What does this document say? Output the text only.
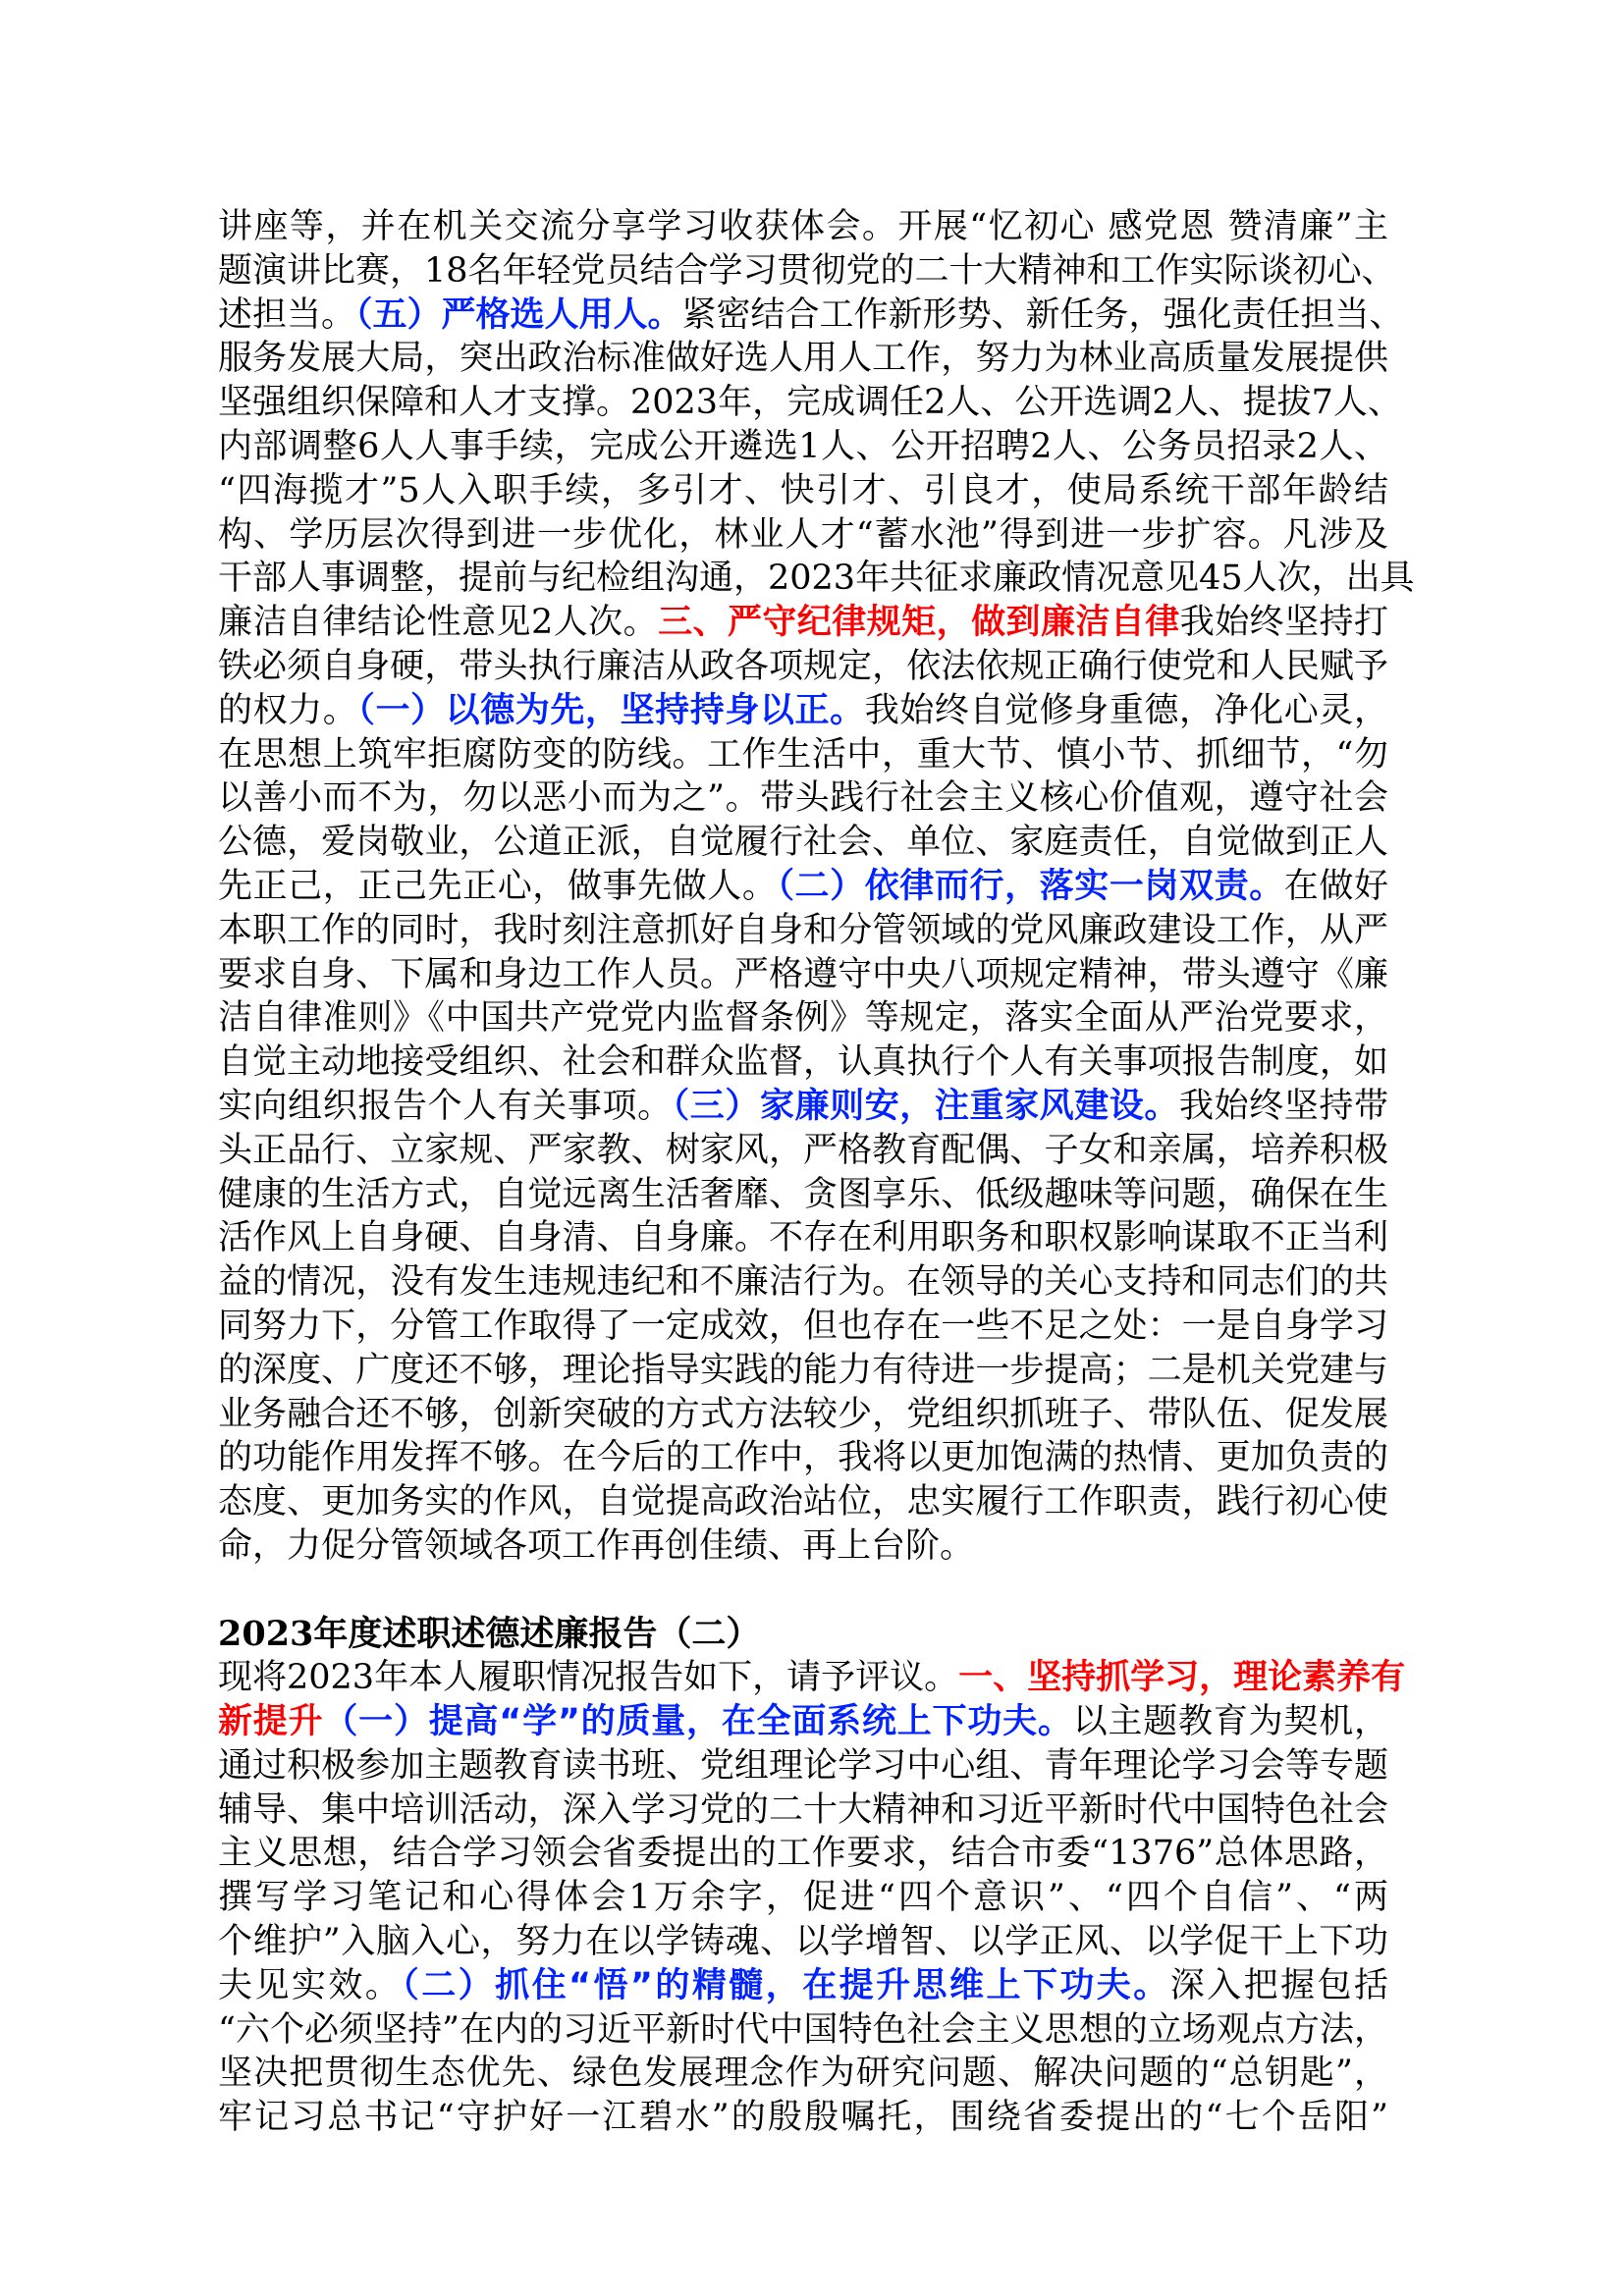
讲座等，并在机关交流分享学习收获体会。开展“忆初心 感党恩 赞清廉”主
题演讲比赛，18名年轻党员结合学习贯彻党的二十大精神和工作实际谈初心、
述担当。（五）严格选人用人。紧密结合工作新形势、新任务，强化责任担当、
服务发展大局，突出政治标准做好选人用人工作，努力为林业高质量发展提供
坚强组织保障和人才支撑。2023年，完成调任2人、公开选调2人、提拔7人、
内部调整6人人事手续，完成公开遴选1人、公开招聘2人、公务员招录2人、
“四海揽才”5人入职手续，多引才、快引才、引良才，使局系统干部年龄结
构、学历层次得到进一步优化，林业人才“蓄水池”得到进一步扩容。凡涉及
干部人事调整，提前与纪检组沟通，2023年共征求廉政情况意见45人次，出具
廉洁自律结论性意见2人次。三、严守纪律规矩，做到廉洁自律我始终坚持打
铁必须自身硬，带头执行廉洁从政各项规定，依法依规正确行使党和人民赋予
的权力。（一）以德为先，坚持持身以正。我始终自觉修身重德，净化心灵，
在思想上筑牢拒腐防变的防线。工作生活中，重大节、慎小节、抓细节，“勿
以善小而不为，勿以恶小而为之”。带头践行社会主义核心价值观，遵守社会
公德，爱岗敬业，公道正派，自觉履行社会、单位、家庭责任，自觉做到正人
先正己，正己先正心，做事先做人。（二）依律而行，落实一岗双责。在做好
本职工作的同时，我时刻注意抓好自身和分管领域的党风廉政建设工作，从严
要求自身、下属和身边工作人员。严格遵守中央八项规定精神，带头遵守《廉
洁自律准则》《中国共产党党内监督条例》等规定，落实全面从严治党要求，
自觉主动地接受组织、社会和群众监督，认真执行个人有关事项报告制度，如
实向组织报告个人有关事项。（三）家廉则安，注重家风建设。我始终坚持带
头正品行、立家规、严家教、树家风，严格教育配偶、子女和亲属，培养积极
健康的生活方式，自觉远离生活奢靡、贪图享乐、低级趣味等问题，确保在生
活作风上自身硬、自身清、自身廉。不存在利用职务和职权影响谋取不正当利
益的情况，没有发生违规违纪和不廉洁行为。在领导的关心支持和同志们的共
同努力下，分管工作取得了一定成效，但也存在一些不足之处：一是自身学习
的深度、广度还不够，理论指导实践的能力有待进一步提高；二是机关党建与
业务融合还不够，创新突破的方式方法较少，党组织抓班子、带队伍、促发展
的功能作用发挥不够。在今后的工作中，我将以更加饱满的热情、更加负责的
态度、更加务实的作风，自觉提高政治站位，忠实履行工作职责，践行初心使
命，力促分管领域各项工作再创佳绩、再上台阶。
2023年度述职述德述廉报告（二）
现将2023年本人履职情况报告如下，请予评议。一、坚持抓学习，理论素养有
新提升（一）提高“学”的质量，在全面系统上下功夫。以主题教育为契机，
通过积极参加主题教育读书班、党组理论学习中心组、青年理论学习会等专题
辅导、集中培训活动，深入学习党的二十大精神和习近平新时代中国特色社会
主义思想，结合学习领会省委提出的工作要求，结合市委“1376”总体思路，
撰写学习笔记和心得体会1万余字，促进“四个意识”、“四个自信”、“两
个维护”入脑入心，努力在以学铸魂、以学增智、以学正风、以学促干上下功
夫见实效。（二）抓住“悟”的精髓，在提升思维上下功夫。深入把握包括
“六个必须坚持”在内的习近平新时代中国特色社会主义思想的立场观点方法，
坚决把贯彻生态优先、绿色发展理念作为研究问题、解决问题的“总钥匙”，
牢记习总书记“守护好一江碧水”的殷殷嘱托，围绕省委提出的“七个岳阳”
